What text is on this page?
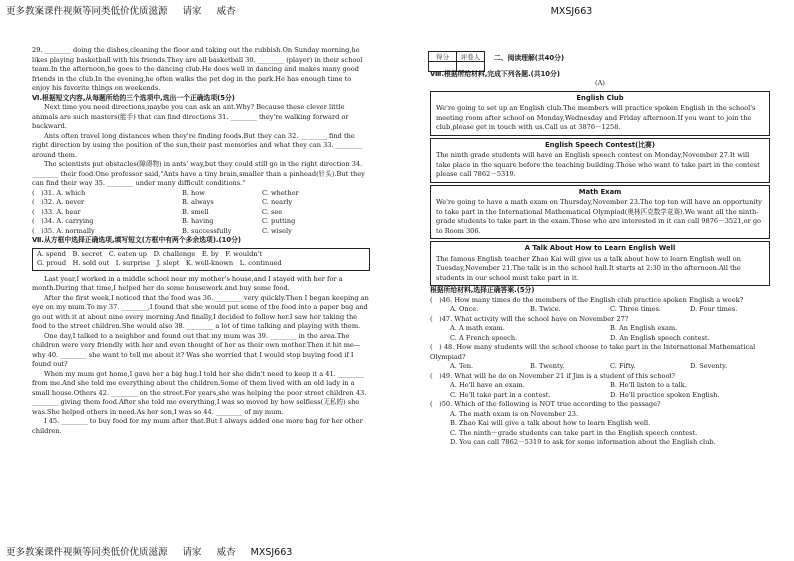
更多教案课件视频等同类低价优质滋源 请家 威杏	MXSJ663

29. ________ doing the dishes,cleaning the floor and taking out the rubbish.On Sunday morning,he likes playing basketball with his friends.They are all basketball 30. ________ (player) in their school team.In the afternoon,he goes to the dancing club.He does well in dancing and makes many good friends in the club.In the evening,he often walks the pet dog in the park.He has enough time to enjoy his favorite things on weekends.

Ⅵ.根据短文内容,从每题所给的三个选项中,选出一个正确选项(5分)

Next time you need directions,maybe you can ask an ant.Why? Because these clever little animals are such masters(能手) that can find directions 31. ________ they're walking forward or backward.

Ants often travel long distances when they're finding foods.But they can 32. ________ find the right direction by using the position of the sun,their past memories and what they can 33. ________ around them.

The scientists put obstacles(障碍物) in ants' way,but they could still go in the right direction 34. ________ their food.One professor said,"Ants have a tiny brain,smaller than a pinhead(针头).But they can find their way 35. ________ under many difficult conditions."

(　)31. A. which	B. how	C. whether
(　)32. A. never	B. always	C. nearly
(　)33. A. hear	B. smell	C. see
(　)34. A. carrying	B. having	C. putting
(　)35. A. normally	B. successfully	C. wisely

Ⅶ.从方框中选择正确选项,填写短文(方框中有两个多余选项).(10分)

A. spend　B. secret　C. eaten up　D. challenge　E. by　F. wouldn't
G. proud　H. sold out　I. surprise　J. slept　K. well-known　L. continued

Last year,I worked in a middle school near my mother's house,and I stayed with her for a month.During that time,I helped her do some housework and buy some food.

After the first week,I noticed that the food was 36. ________ very quickly.Then I began keeping an eye on my mum.To my 37. ________,I found that she would put some of the food into a paper bag and go out with it at about nine every morning.And finally,I decided to follow her.I saw her taking the food to the street children.She would also 38. ________ a lot of time talking and playing with them.

One day,I talked to a neighbor and found out that my mum was 39. ________ in the area.The children were very friendly with her and even thought of her as their own mother.Then it hit me—why 40. ________ she want to tell me about it? Was she worried that I would stop buying food if I found out?

When my mum got home,I gave her a big hug.I told her she didn't need to keep it a 41. ________ from me.And she told me everything about the children.Some of them lived with an old lady in a small house.Others 42. ________ on the street.For years,she was helping the poor street children 43. ________ giving them food.After she told me everything,I was so moved by how selfless(无私的) she was.She helped others in need.As her son,I was so 44. ________ of my mum.

I 45. ________ to buy food for my mum after that.But I always added one more bag for her other children.

得分	评卷人
		二、阅读理解(共40分)

Ⅷ.根据所给材料,完成下列各题.(共10分)

(A)

English Club

We're going to set up an English club.The members will practice spoken English in the school's meeting room after school on Monday,Wednesday and Friday afternoon.If you want to join the club,please get in touch with us.Call us at 3876－1258.

English Speech Contest(比赛)

The ninth grade students will have an English speech contest on Monday,November 27.It will take place in the square before the teaching building.Those who want to take part in the contest please call 7862－5319.

Math Exam

We're going to have a math exam on Thursday,November 23.The top ten will have an opportunity to take part in the International Mathematical Olympiad(奥林匹克数学竞赛).We want all the ninth-grade students to take part in the exam.Those who are interested in it can call 9876－3521,or go to Room 306.

A Talk About How to Learn English Well

The famous English teacher Zhao Kai will give us a talk about how to learn English well on Tuesday,November 21.The talk is in the school hall.It starts at 2:30 in the afternoon.All the students in our school must take part in it.

根据所给材料,选择正确答案.(5分)

(　)46. How many times do the members of the English club practice spoken English a week?

A. Once.	B. Twice.	C. Three times.	D. Four times.

(　)47. What activity will the school have on November 27?

A. A math exam.	B. An English exam.
C. A French speech.	D. An English speech contest.

(　) 48. How many students will the school choose to take part in the International Mathematical Olympiad?

A. Ten.	B. Twenty.	C. Fifty.	D. Seventy.

(　)49. What will he do on November 21 if Jim is a student of this school?

A. He'll have an exam.	B. He'll listen to a talk.
C. He'll take part in a contest.	D. He'll practice spoken English.

(　)50. Which of the following is NOT true according to the passage?

A. The math exam is on November 23.
B. Zhao Kai will give a talk about how to learn English well.
C. The ninth－grade students can take part in the English speech contest.
D. You can call 7862－5319 to ask for some information about the English club.
更多教案课件视频等同类低价优质滋源 请家 威杏 MXSJ663
